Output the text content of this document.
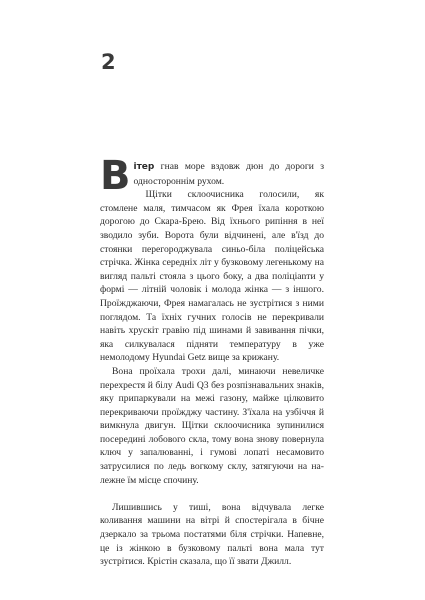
2

Вітер гнав море вздовж дюн до дороги з одностороннім рухом.

Щітки склоочисника голосили, як стомлене маля, тимчасом як Фрея їхала короткою дорогою до Скара-Брею. Від їхнього рипіння в неї зводило зуби. Ворота були відчинені, але в'їзд до стоянки перегороджувала синьо-біла поліцейська стрічка. Жінка середніх літ у бузковому легенькому на вигляд пальті стояла з цього боку, а два поліцianти у формі — літній чоловік і молода жінка — з іншого. Проїжджаючи, Фрея намагалась не зустрітися з ними поглядом. Та їхніх гучних голосів не перекривали навіть хрускіт гравію під шинами й завивання пічки, яка силкувалася підняти температуру в уже немолодому Hyundai Getz вище за крижану.

Вона проїхала трохи далі, минаючи невеличке перехрестя й білу Audi Q3 без розпізнавальних знаків, яку припаркували на межі газону, майже цілковито перекриваючи проїжджу частину. З'їхала на узбіччя й вимкнула двигун. Щітки склоочисника зупинилися посередині лобового скла, тому вона знову повернула ключ у запалюванні, і гумові лопаті несамовито затрусилися по ледь вогкому склу, затягуючи на належне їм місце спочину.

Лишившись у тиші, вона відчувала легке коливання машини на вітрі й спостерігала в бічне дзеркало за трьома постатями біля стрічки. Напевне, це із жінкою в бузковому пальті вона мала тут зустрітися. Крістін сказала, що її звати Джилл.
